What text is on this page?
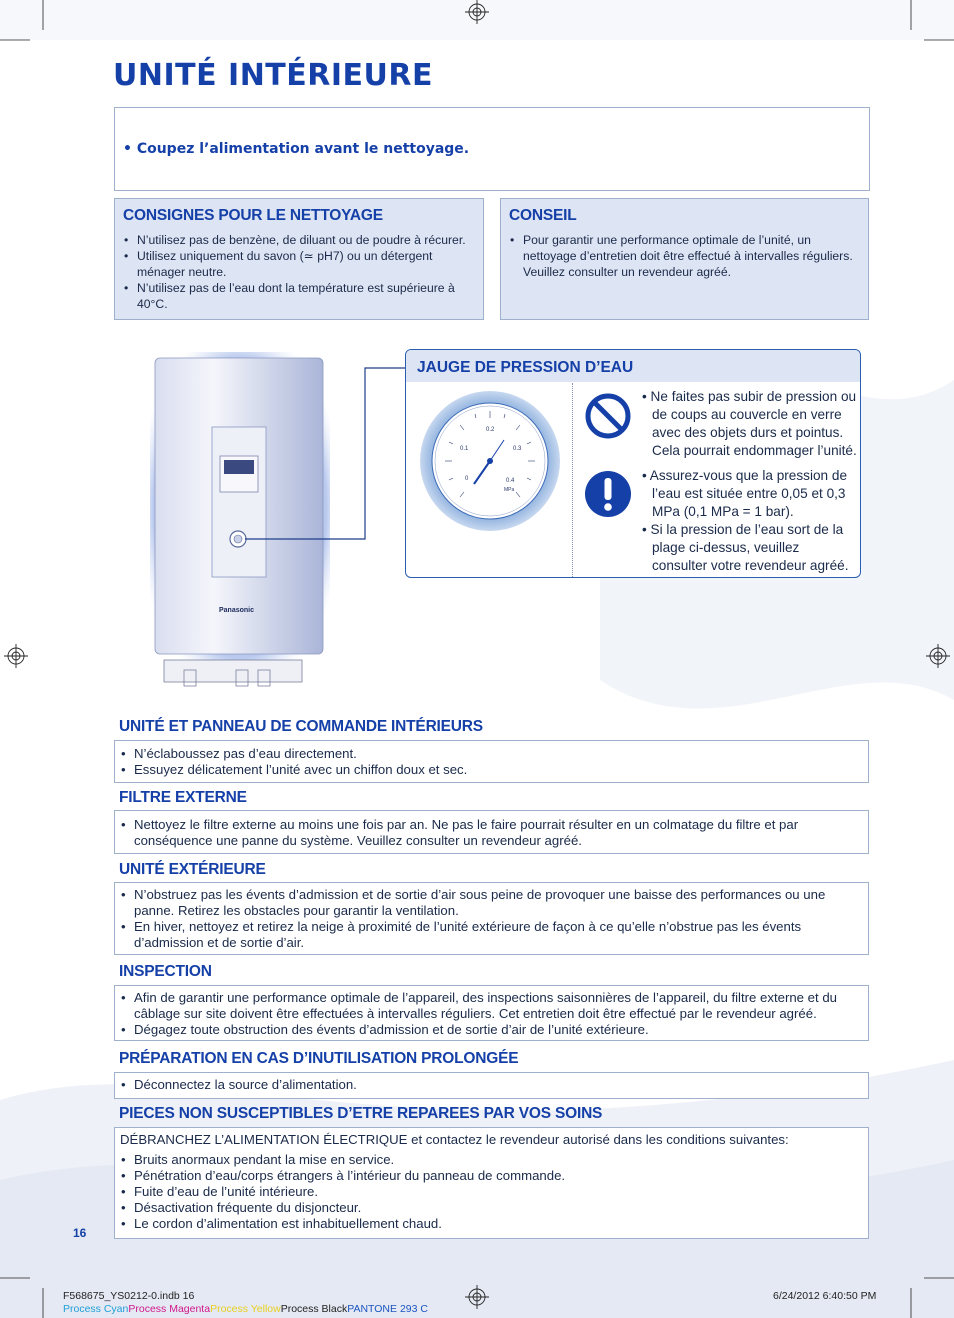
UNITÉ INTÉRIEURE
• Coupez l’alimentation avant le nettoyage.
CONSIGNES POUR LE NETTOYAGE
• N’utilisez pas de benzène, de diluant ou de poudre à récurer.
• Utilisez uniquement du savon (≃ pH7) ou un détergent ménager neutre.
• N’utilisez pas de l’eau dont la température est supérieure à 40°C.
CONSEIL
• Pour garantir une performance optimale de l’unité, un nettoyage d’entretien doit être effectué à intervalles réguliers. Veuillez consulter un revendeur agréé.
Panasonic
JAUGE DE PRESSION D’EAU
0
0.1
0.2
0.3
0.4
MPa

• Ne faites pas subir de pression ou de coups au couvercle en verre avec des objets durs et pointus. Cela pourrait endommager l’unité.

• Assurez-vous que la pression de l’eau est située entre 0,05 et 0,3 MPa (0,1 MPa = 1 bar).

• Si la pression de l’eau sort de la plage ci-dessus, veuillez consulter votre revendeur agréé.

UNITÉ ET PANNEAU DE COMMANDE INTÉRIEURS
• N’éclaboussez pas d’eau directement.
• Essuyez délicatement l’unité avec un chiffon doux et sec.
FILTRE EXTERNE
• Nettoyez le filtre externe au moins une fois par an. Ne pas le faire pourrait résulter en un colmatage du filtre et par conséquence une panne du système. Veuillez consulter un revendeur agréé.
UNITÉ EXTÉRIEURE
• N’obstruez pas les évents d’admission et de sortie d’air sous peine de provoquer une baisse des performances ou une panne. Retirez les obstacles pour garantir la ventilation.
• En hiver, nettoyez et retirez la neige à proximité de l’unité extérieure de façon à ce qu’elle n’obstrue pas les évents d’admission et de sortie d’air.
INSPECTION
• Afin de garantir une performance optimale de l’appareil, des inspections saisonnières de l’appareil, du filtre externe et du câblage sur site doivent être effectuées à intervalles réguliers. Cet entretien doit être effectué par le revendeur agréé.
• Dégagez toute obstruction des évents d’admission et de sortie d’air de l’unité extérieure.
PRÉPARATION EN CAS D’INUTILISATION PROLONGÉE
• Déconnectez la source d’alimentation.
PIECES NON SUSCEPTIBLES D’ETRE REPAREES PAR VOS SOINS
DÉBRANCHEZ L’ALIMENTATION ÉLECTRIQUE et contactez le revendeur autorisé dans les conditions suivantes:
• Bruits anormaux pendant la mise en service.
• Pénétration d’eau/corps étrangers à l’intérieur du panneau de commande.
• Fuite d’eau de l’unité intérieure.
• Désactivation fréquente du disjoncteur.
• Le cordon d’alimentation est inhabituellement chaud.
16
F568675_YS0212-0.indb 16	6/24/2012 6:40:50 PM
Process CyanProcess MagentaProcess YellowProcess BlackPANTONE 293 C
